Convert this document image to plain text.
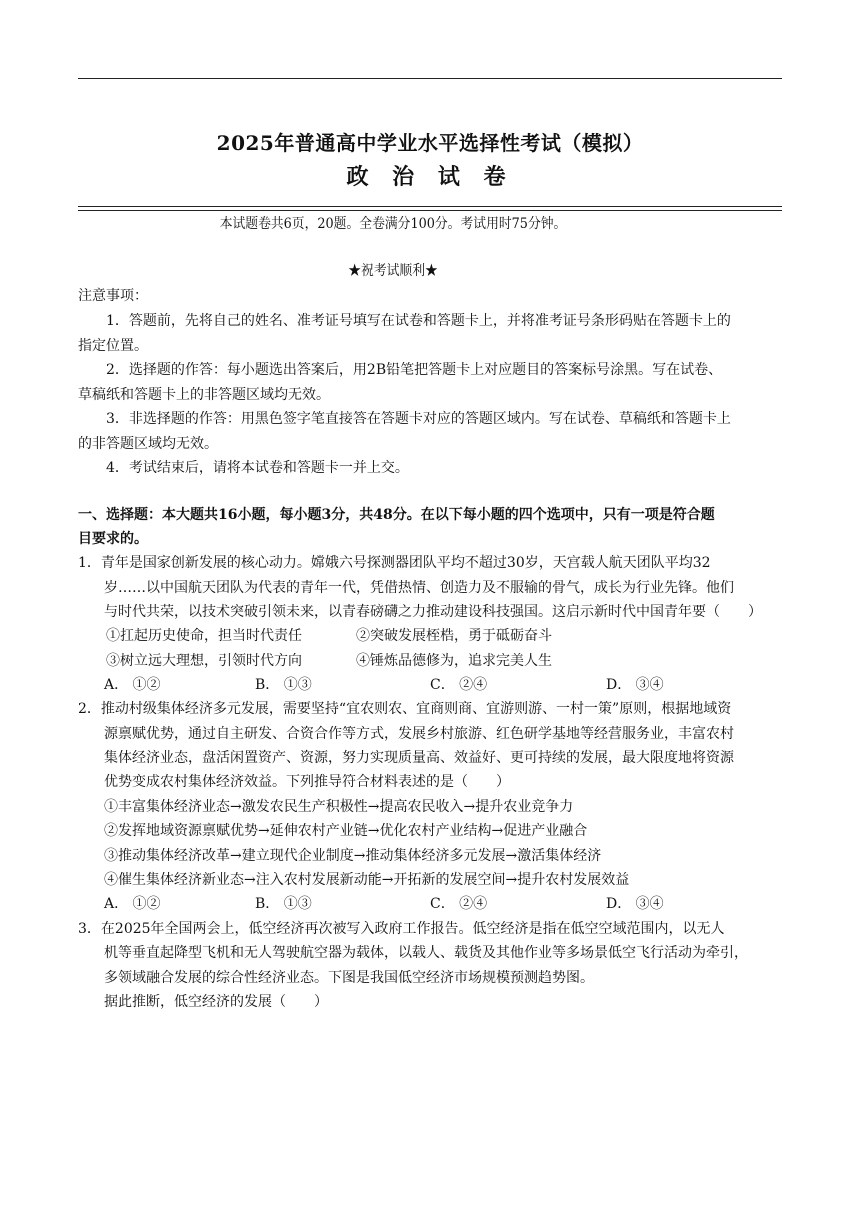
2025年普通高中学业水平选择性考试（模拟）
政 治 试 卷
本试题卷共6页，20题。全卷满分100分。考试用时75分钟。
★祝考试顺利★
注意事项：
1．答题前，先将自己的姓名、准考证号填写在试卷和答题卡上，并将准考证号条形码贴在答题卡上的
指定位置。
2．选择题的作答：每小题选出答案后，用2B铅笔把答题卡上对应题目的答案标号涂黑。写在试卷、
草稿纸和答题卡上的非答题区域均无效。
3．非选择题的作答：用黑色签字笔直接答在答题卡对应的答题区域内。写在试卷、草稿纸和答题卡上
的非答题区域均无效。
4．考试结束后，请将本试卷和答题卡一并上交。
一、选择题：本大题共16小题，每小题3分，共48分。在以下每小题的四个选项中，只有一项是符合题
目要求的。
1．青年是国家创新发展的核心动力。嫦娥六号探测器团队平均不超过30岁，天宫载人航天团队平均32
岁……以中国航天团队为代表的青年一代，凭借热情、创造力及不服输的骨气，成长为行业先锋。他们
与时代共荣，以技术突破引领未来，以青春磅礴之力推动建设科技强国。这启示新时代中国青年要（　　）
①扛起历史使命，担当时代责任	②突破发展桎梏，勇于砥砺奋斗
③树立远大理想，引领时代方向	④锤炼品德修为，追求完美人生
A． ①②	B． ①③	C． ②④	D． ③④
2．推动村级集体经济多元发展，需要坚持“宜农则农、宜商则商、宜游则游、一村一策”原则，根据地域资
源禀赋优势，通过自主研发、合资合作等方式，发展乡村旅游、红色研学基地等经营服务业，丰富农村
集体经济业态，盘活闲置资产、资源，努力实现质量高、效益好、更可持续的发展，最大限度地将资源
优势变成农村集体经济效益。下列推导符合材料表述的是（　　）
①丰富集体经济业态→激发农民生产积极性→提高农民收入→提升农业竞争力
②发挥地域资源禀赋优势→延伸农村产业链→优化农村产业结构→促进产业融合
③推动集体经济改革→建立现代企业制度→推动集体经济多元发展→激活集体经济
④催生集体经济新业态→注入农村发展新动能→开拓新的发展空间→提升农村发展效益
A． ①②	B． ①③	C． ②④	D． ③④
3．在2025年全国两会上，低空经济再次被写入政府工作报告。低空经济是指在低空空域范围内，以无人
机等垂直起降型飞机和无人驾驶航空器为载体，以载人、载货及其他作业等多场景低空飞行活动为牵引，
多领域融合发展的综合性经济业态。下图是我国低空经济市场规模预测趋势图。
据此推断，低空经济的发展（　　）
